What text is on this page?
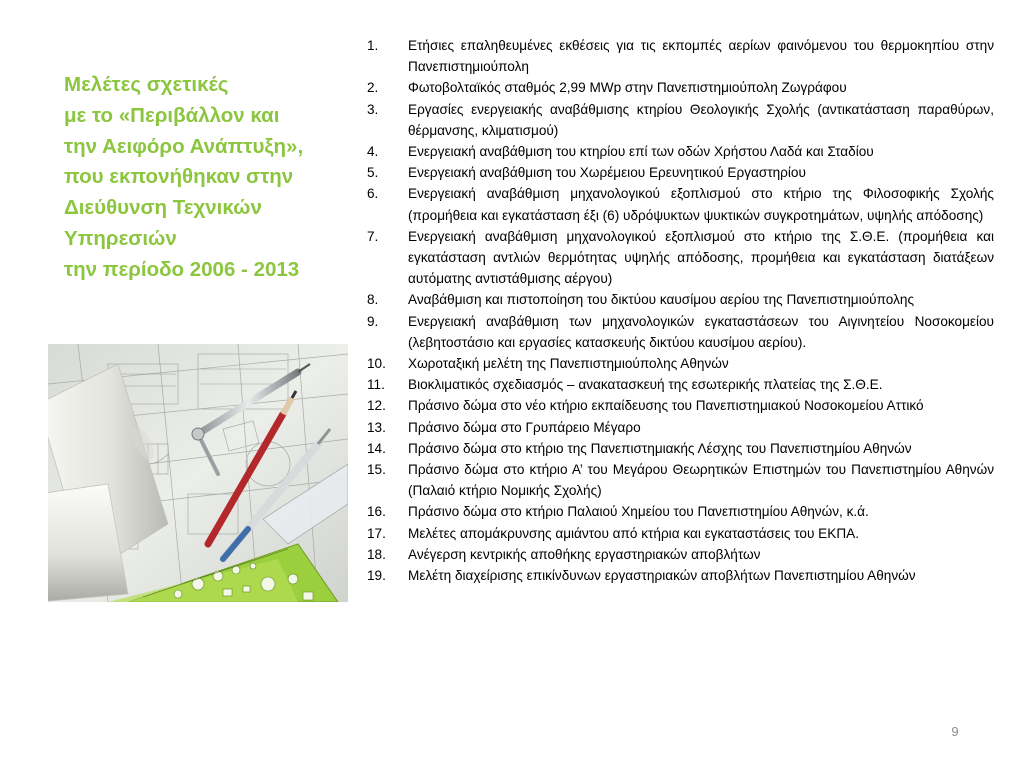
Μελέτες σχετικές
με το «Περιβάλλον και
την Αειφόρο Ανάπτυξη»,
που εκπονήθηκαν στην
Διεύθυνση Τεχνικών
Υπηρεσιών
την περίοδο 2006 - 2013
1. Ετήσιες επαληθευμένες εκθέσεις για τις εκπομπές αερίων φαινόμενου του θερμοκηπίου στην Πανεπιστημιούπολη
2. Φωτοβολταϊκός σταθμός 2,99 MWp στην Πανεπιστημιούπολη Ζωγράφου
3. Εργασίες ενεργειακής αναβάθμισης κτηρίου Θεολογικής Σχολής (αντικατάσταση παραθύρων, θέρμανσης, κλιματισμού)
4. Ενεργειακή αναβάθμιση του κτηρίου επί των οδών Χρήστου Λαδά και Σταδίου
5. Ενεργειακή αναβάθμιση του Χωρέμειου Ερευνητικού Εργαστηρίου
6. Ενεργειακή αναβάθμιση μηχανολογικού εξοπλισμού στο κτήριο της Φιλοσοφικής Σχολής (προμήθεια και εγκατάσταση έξι (6) υδρόψυκτων ψυκτικών συγκροτημάτων, υψηλής απόδοσης)
7. Ενεργειακή αναβάθμιση μηχανολογικού εξοπλισμού στο κτήριο της Σ.Θ.Ε. (προμήθεια και εγκατάσταση αντλιών θερμότητας υψηλής απόδοσης, προμήθεια και εγκατάσταση διατάξεων αυτόματης αντιστάθμισης αέργου)
8. Αναβάθμιση και πιστοποίηση του δικτύου καυσίμου αερίου της Πανεπιστημιούπολης
9. Ενεργειακή αναβάθμιση των μηχανολογικών εγκαταστάσεων του Αιγινητείου Νοσοκομείου (λεβητοστάσιο και εργασίες κατασκευής δικτύου καυσίμου αερίου).
10. Χωροταξική μελέτη της Πανεπιστημιούπολης Αθηνών
11. Βιοκλιματικός σχεδιασμός – ανακατασκευή της εσωτερικής πλατείας της Σ.Θ.Ε.
12. Πράσινο δώμα στο νέο κτήριο εκπαίδευσης του Πανεπιστημιακού Νοσοκομείου Αττικό
13. Πράσινο δώμα στο Γρυπάρειο Μέγαρο
14. Πράσινο δώμα στο κτήριο της Πανεπιστημιακής Λέσχης του Πανεπιστημίου Αθηνών
15. Πράσινο δώμα στο κτήριο Α’ του Μεγάρου Θεωρητικών Επιστημών του Πανεπιστημίου Αθηνών (Παλαιό κτήριο Νομικής Σχολής)
16. Πράσινο δώμα στο κτήριο Παλαιού Χημείου του Πανεπιστημίου Αθηνών, κ.ά.
17. Μελέτες απομάκρυνσης αμιάντου από κτήρια και εγκαταστάσεις του ΕΚΠΑ.
18. Ανέγερση κεντρικής αποθήκης εργαστηριακών αποβλήτων
19. Μελέτη διαχείρισης επικίνδυνων εργαστηριακών αποβλήτων Πανεπιστημίου Αθηνών
9
